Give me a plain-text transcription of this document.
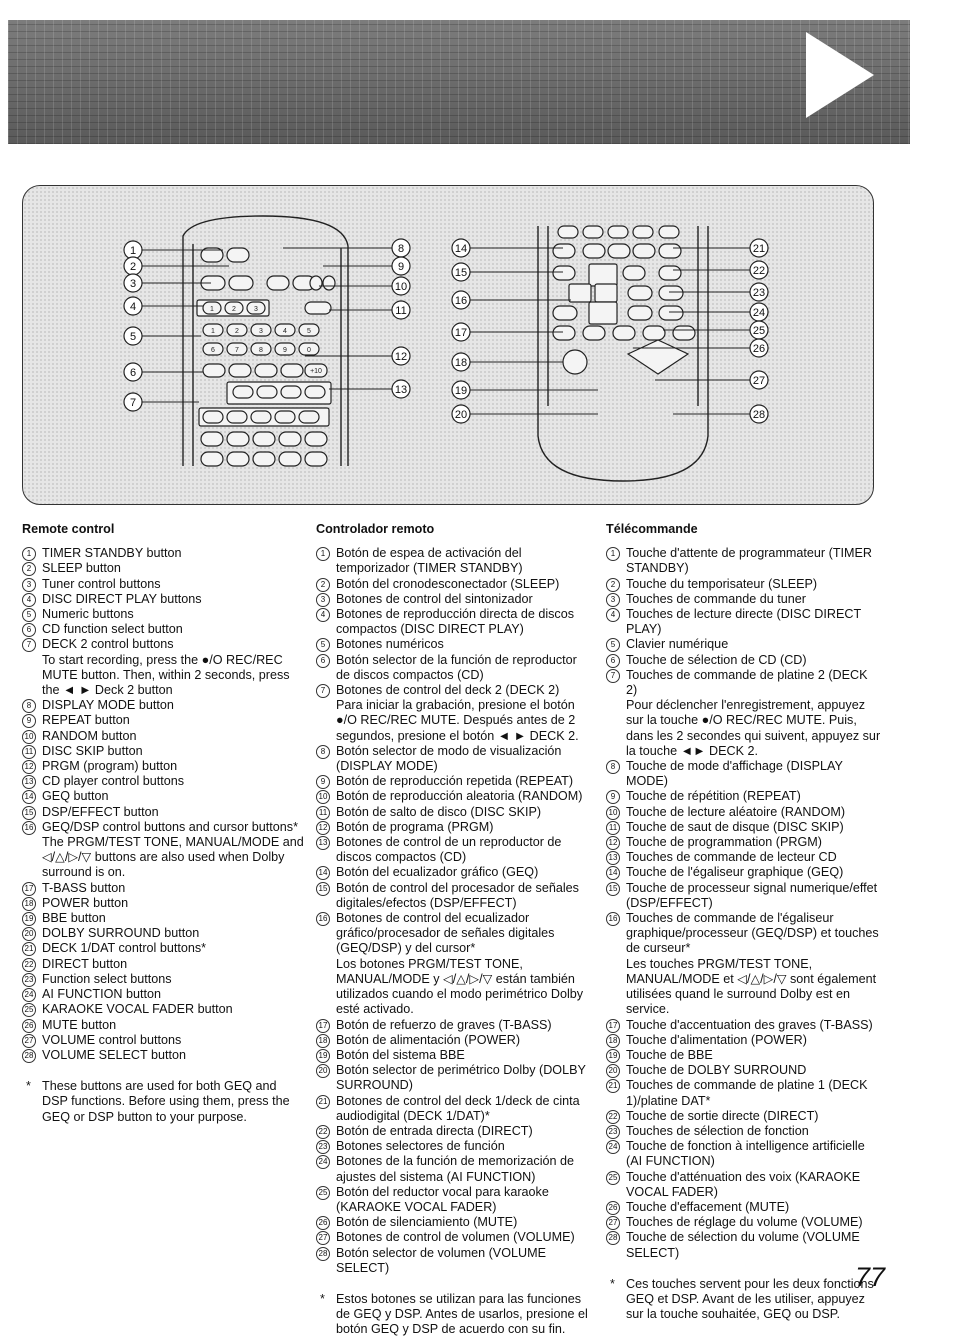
1	2	3
1
6
2
7
3
8
4
9
5
0
+10
1
2
3
4
5
6
7
8
9
10
11
12
13
14
15
16
17
18
19
20
21
22
23
24
25
26
27
28
Remote control
1 TIMER STANDBY button
2 SLEEP button
3 Tuner control buttons
4 DISC DIRECT PLAY buttons
5 Numeric buttons
6 CD function select button
7 DECK 2 control buttons
To start recording, press the ●/O REC/REC MUTE button. Then, within 2 seconds, press the ◄ ► Deck 2 button
8 DISPLAY MODE button
9 REPEAT button
10 RANDOM button
11 DISC SKIP button
12 PRGM (program) button
13 CD player control buttons
14 GEQ button
15 DSP/EFFECT button
16 GEQ/DSP control buttons and cursor buttons*
The PRGM/TEST TONE, MANUAL/MODE and ◁/△/▷/▽ buttons are also used when Dolby surround is on.
17 T-BASS button
18 POWER button
19 BBE button
20 DOLBY SURROUND button
21 DECK 1/DAT control buttons*
22 DIRECT button
23 Function select buttons
24 AI FUNCTION button
25 KARAOKE VOCAL FADER button
26 MUTE button
27 VOLUME control buttons
28 VOLUME SELECT button
* These buttons are used for both GEQ and DSP functions. Before using them, press the GEQ or DSP button to your purpose.
Controlador remoto
1 Botón de espea de activación del temporizador (TIMER STANDBY)
2 Botón del cronodesconectador (SLEEP)
3 Botones de control del sintonizador
4 Botones de reproducción directa de discos compactos (DISC DIRECT PLAY)
5 Botones numéricos
6 Botón selector de la función de reproductor de discos compactos (CD)
7 Botones de control del deck 2 (DECK 2)
Para iniciar la grabación, presione el botón ●/O REC/REC MUTE. Después antes de 2 segundos, presione el botón ◄ ► DECK 2.
8 Botón selector de modo de visualización (DISPLAY MODE)
9 Botón de reproducción repetida (REPEAT)
10 Botón de reproducción aleatoria (RANDOM)
11 Botón de salto de disco (DISC SKIP)
12 Botón de programa (PRGM)
13 Botones de control de un reproductor de discos compactos (CD)
14 Botón del ecualizador gráfico (GEQ)
15 Botón de control del procesador de señales digitales/efectos (DSP/EFFECT)
16 Botones de control del ecualizador gráfico/procesador de señales digitales (GEQ/DSP) y del cursor*
Los botones PRGM/TEST TONE, MANUAL/MODE y ◁/△/▷/▽ están también utilizados cuando el modo perimétrico Dolby esté activado.
17 Botón de refuerzo de graves (T-BASS)
18 Botón de alimentación (POWER)
19 Botón del sistema BBE
20 Botón selector de perimétrico Dolby (DOLBY SURROUND)
21 Botones de control del deck 1/deck de cinta audiodigital (DECK 1/DAT)*
22 Botón de entrada directa (DIRECT)
23 Botones selectores de función
24 Botones de la función de memorización de ajustes del sistema (AI FUNCTION)
25 Botón del reductor vocal para karaoke (KARAOKE VOCAL FADER)
26 Botón de silenciamiento (MUTE)
27 Botones de control de volumen (VOLUME)
28 Botón selector de volumen (VOLUME SELECT)
* Estos botones se utilizan para las funciones de GEQ y DSP. Antes de usarlos, presione el botón GEQ y DSP de acuerdo con su fin.
Télécommande
1 Touche d'attente de programmateur (TIMER STANDBY)
2 Touche du temporisateur (SLEEP)
3 Touches de commande du tuner
4 Touches de lecture directe (DISC DIRECT PLAY)
5 Clavier numérique
6 Touche de sélection de CD (CD)
7 Touches de commande de platine 2 (DECK 2)
Pour déclencher l'enregistrement, appuyez sur la touche ●/O REC/REC MUTE. Puis, dans les 2 secondes qui suivent, appuyez sur la touche ◄► DECK 2.
8 Touche de mode d'affichage (DISPLAY MODE)
9 Touche de répétition (REPEAT)
10 Touche de lecture aléatoire (RANDOM)
11 Touche de saut de disque (DISC SKIP)
12 Touche de programmation (PRGM)
13 Touches de commande de lecteur CD
14 Touche de l'égaliseur graphique (GEQ)
15 Touche de processeur signal numerique/effet (DSP/EFFECT)
16 Touches de commande de l'égaliseur graphique/processeur (GEQ/DSP) et touches de curseur*
Les touches PRGM/TEST TONE, MANUAL/MODE et ◁/△/▷/▽ sont également utilisées quand le surround Dolby est en service.
17 Touche d'accentuation des graves (T-BASS)
18 Touche d'alimentation (POWER)
19 Touche de BBE
20 Touche de DOLBY SURROUND
21 Touches de commande de platine 1 (DECK 1)/platine DAT*
22 Touche de sortie directe (DIRECT)
23 Touches de sélection de fonction
24 Touche de fonction à intelligence artificielle (AI FUNCTION)
25 Touche d'atténuation des voix (KARAOKE VOCAL FADER)
26 Touche d'effacement (MUTE)
27 Touches de réglage du volume (VOLUME)
28 Touche de sélection du volume (VOLUME SELECT)
* Ces touches servent pour les deux fonctions GEQ et DSP. Avant de les utiliser, appuyez sur la touche souhaitée, GEQ ou DSP.
77
